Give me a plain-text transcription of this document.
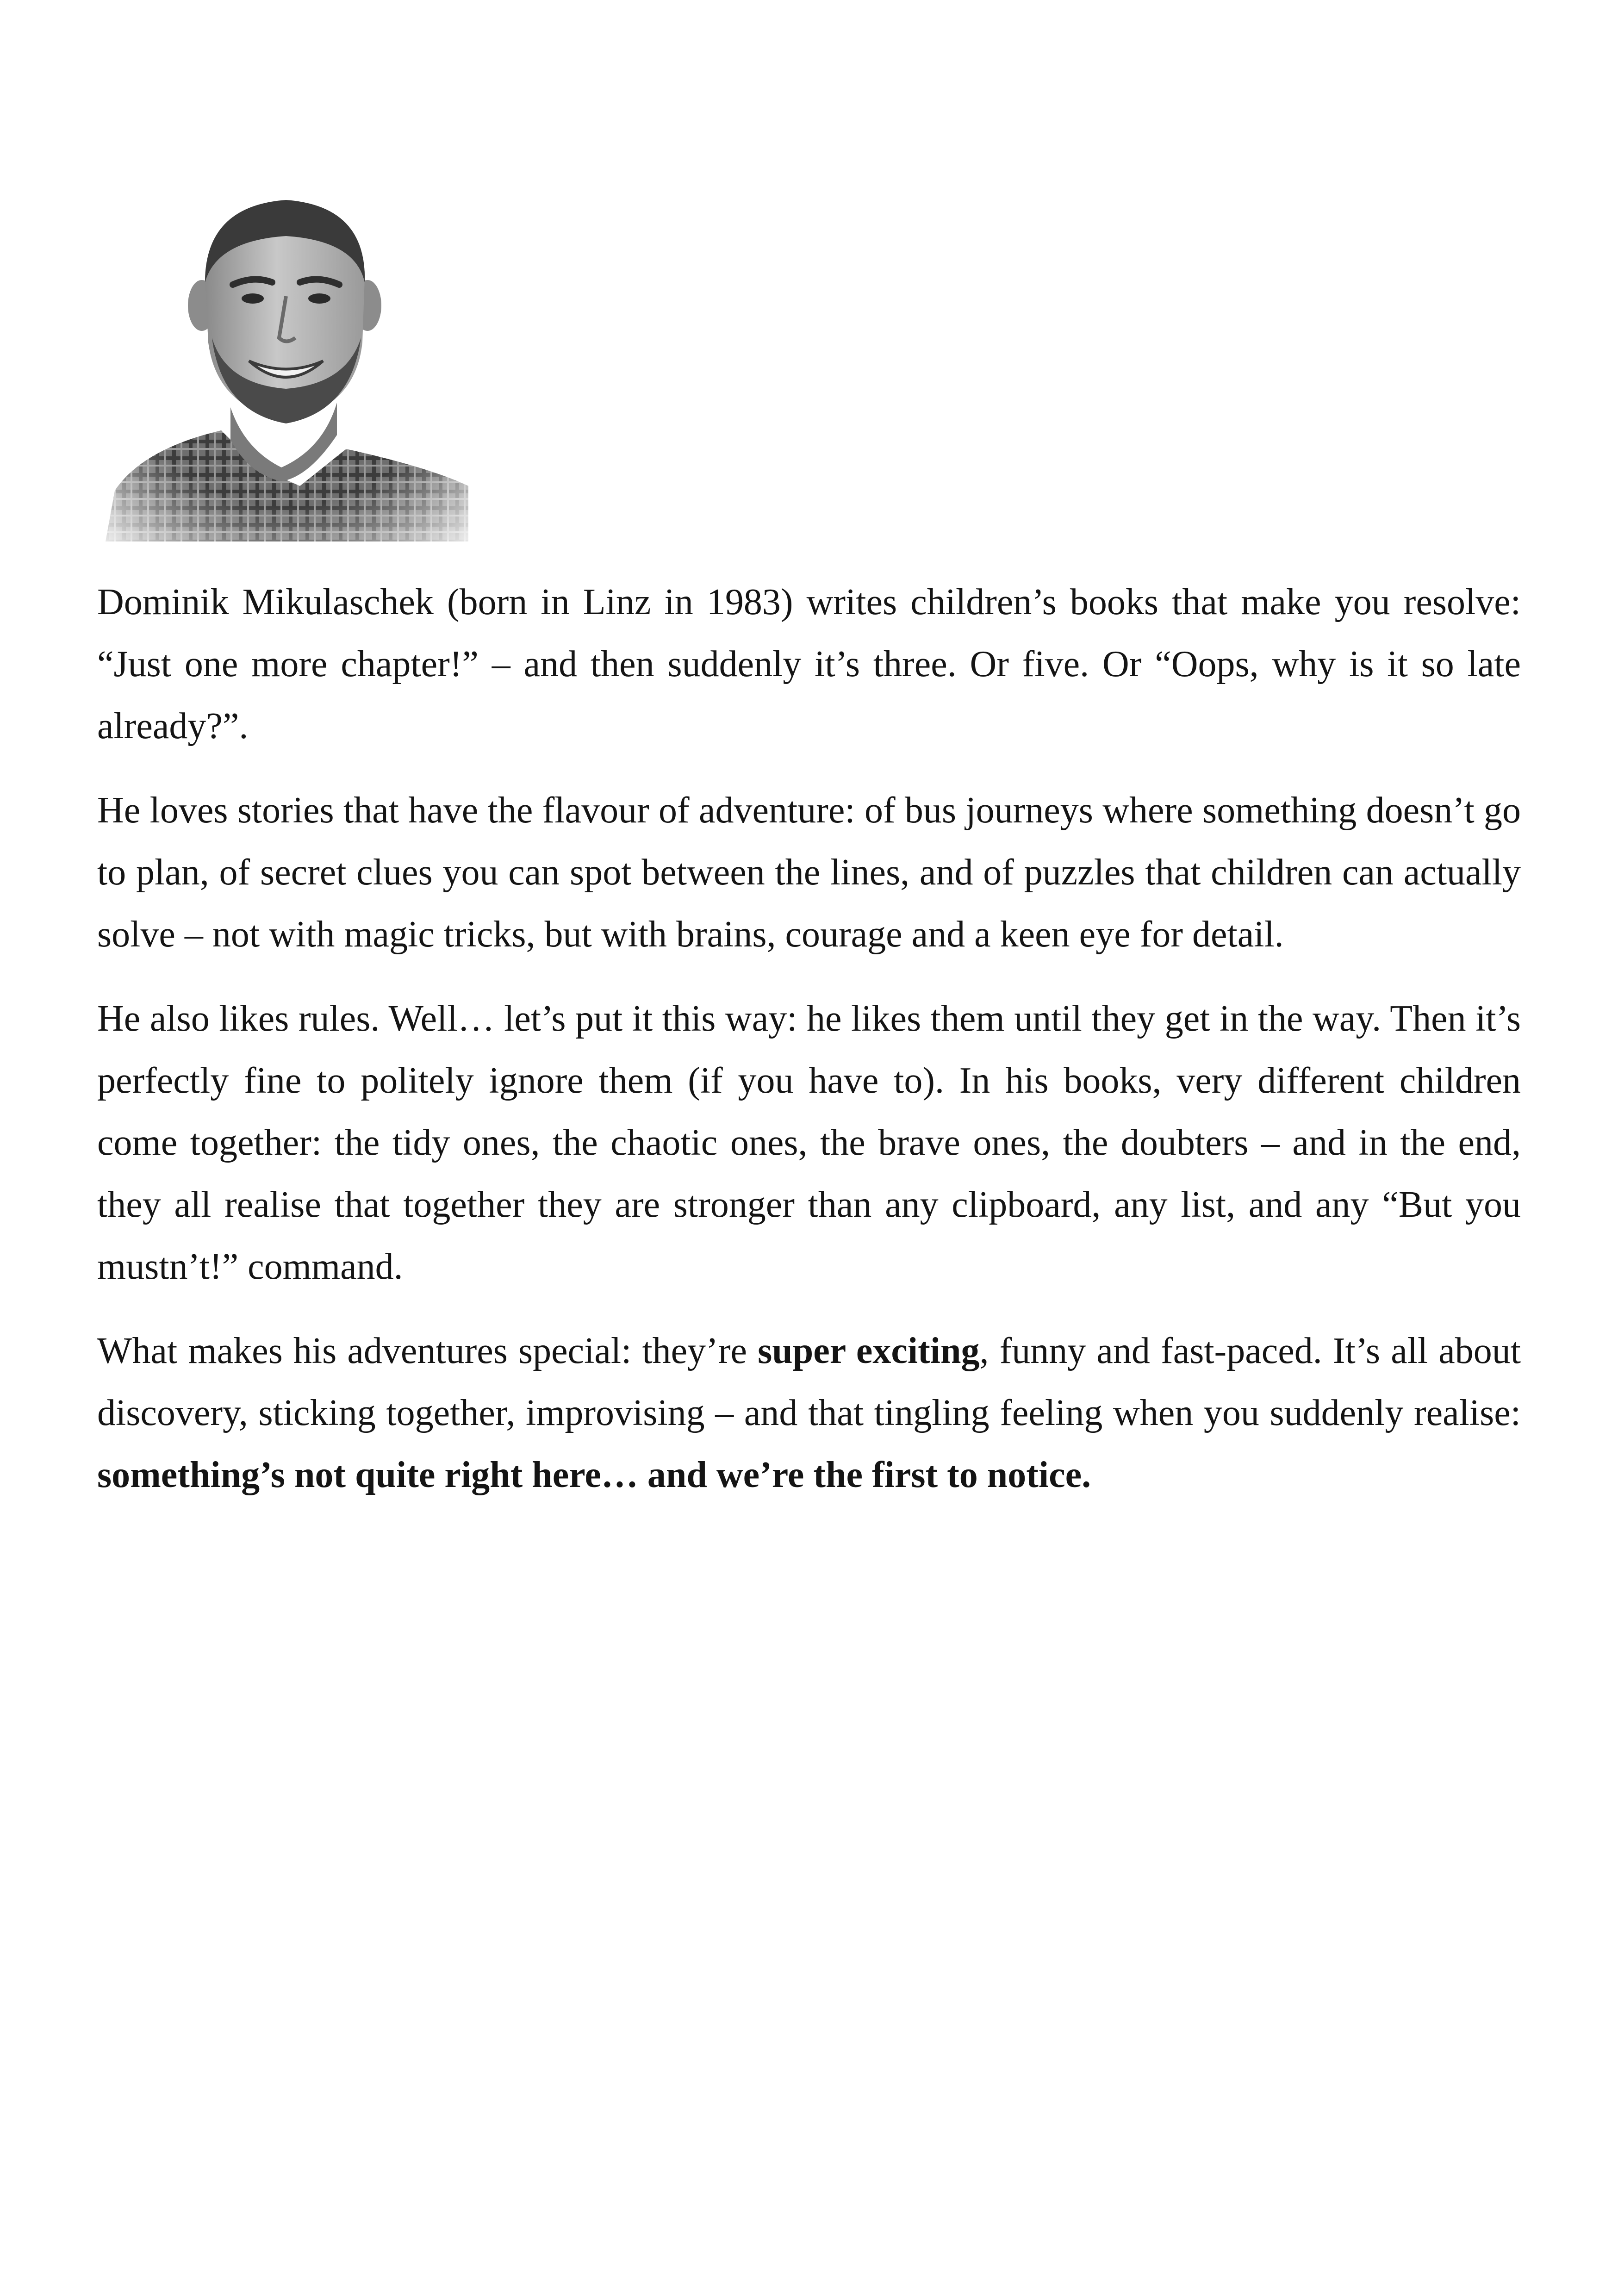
Dominik Mikulaschek (born in Linz in 1983) writes children’s books that make you resolve: “Just one more chapter!” – and then suddenly it’s three. Or five. Or “Oops, why is it so late already?”.

He loves stories that have the flavour of adventure: of bus journeys where something doesn’t go to plan, of secret clues you can spot between the lines, and of puzzles that children can actually solve – not with magic tricks, but with brains, courage and a keen eye for detail.

He also likes rules. Well… let’s put it this way: he likes them until they get in the way. Then it’s perfectly fine to politely ignore them (if you have to). In his books, very different children come together: the tidy ones, the chaotic ones, the brave ones, the doubters – and in the end, they all realise that together they are stronger than any clipboard, any list, and any “But you mustn’t!” command.

What makes his adventures special: they’re super exciting, funny and fast-paced. It’s all about discovery, sticking together, improvising – and that tingling feeling when you suddenly realise: something’s not quite right here… and we’re the first to notice.
